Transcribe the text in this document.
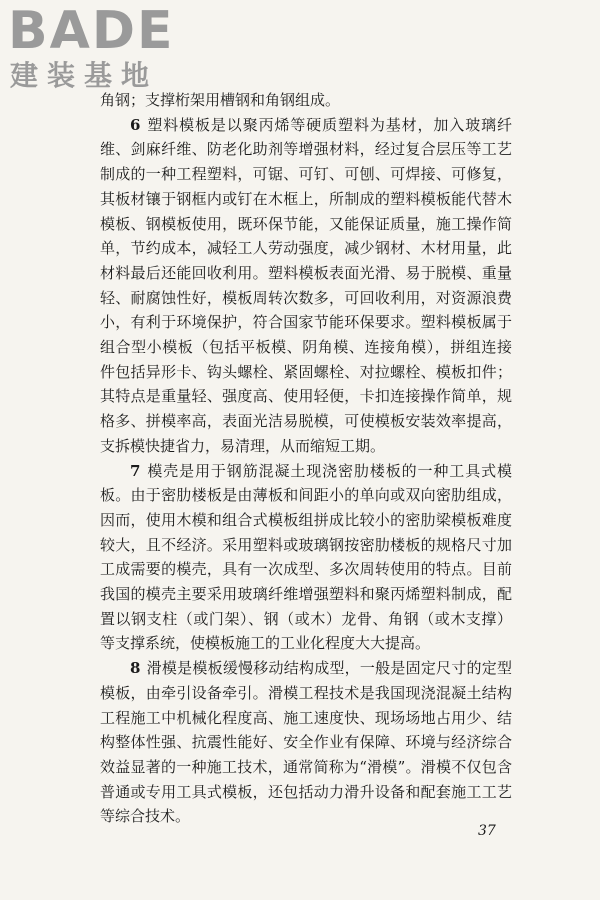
BADE
建装基地

角钢；支撑桁架用槽钢和角钢组成。

6 塑料模板是以聚丙烯等硬质塑料为基材，加入玻璃纤维、剑麻纤维、防老化助剂等增强材料，经过复合层压等工艺制成的一种工程塑料，可锯、可钉、可刨、可焊接、可修复，其板材镶于钢框内或钉在木框上，所制成的塑料模板能代替木模板、钢模板使用，既环保节能，又能保证质量，施工操作简单，节约成本，减轻工人劳动强度，减少钢材、木材用量，此材料最后还能回收利用。塑料模板表面光滑、易于脱模、重量轻、耐腐蚀性好，模板周转次数多，可回收利用，对资源浪费小，有利于环境保护，符合国家节能环保要求。塑料模板属于组合型小模板（包括平板模、阴角模、连接角模），拼组连接件包括异形卡、钩头螺栓、紧固螺栓、对拉螺栓、模板扣件；其特点是重量轻、强度高、使用轻便，卡扣连接操作简单，规格多、拼模率高，表面光洁易脱模，可使模板安装效率提高，支拆模快捷省力，易清理，从而缩短工期。

7 模壳是用于钢筋混凝土现浇密肋楼板的一种工具式模板。由于密肋楼板是由薄板和间距小的单向或双向密肋组成，因而，使用木模和组合式模板组拼成比较小的密肋梁模板难度较大，且不经济。采用塑料或玻璃钢按密肋楼板的规格尺寸加工成需要的模壳，具有一次成型、多次周转使用的特点。目前我国的模壳主要采用玻璃纤维增强塑料和聚丙烯塑料制成，配置以钢支柱（或门架）、钢（或木）龙骨、角钢（或木支撑）等支撑系统，使模板施工的工业化程度大大提高。

8 滑模是模板缓慢移动结构成型，一般是固定尺寸的定型模板，由牵引设备牵引。滑模工程技术是我国现浇混凝土结构工程施工中机械化程度高、施工速度快、现场场地占用少、结构整体性强、抗震性能好、安全作业有保障、环境与经济综合效益显著的一种施工技术，通常简称为“滑模”。滑模不仅包含普通或专用工具式模板，还包括动力滑升设备和配套施工工艺等综合技术。

37
